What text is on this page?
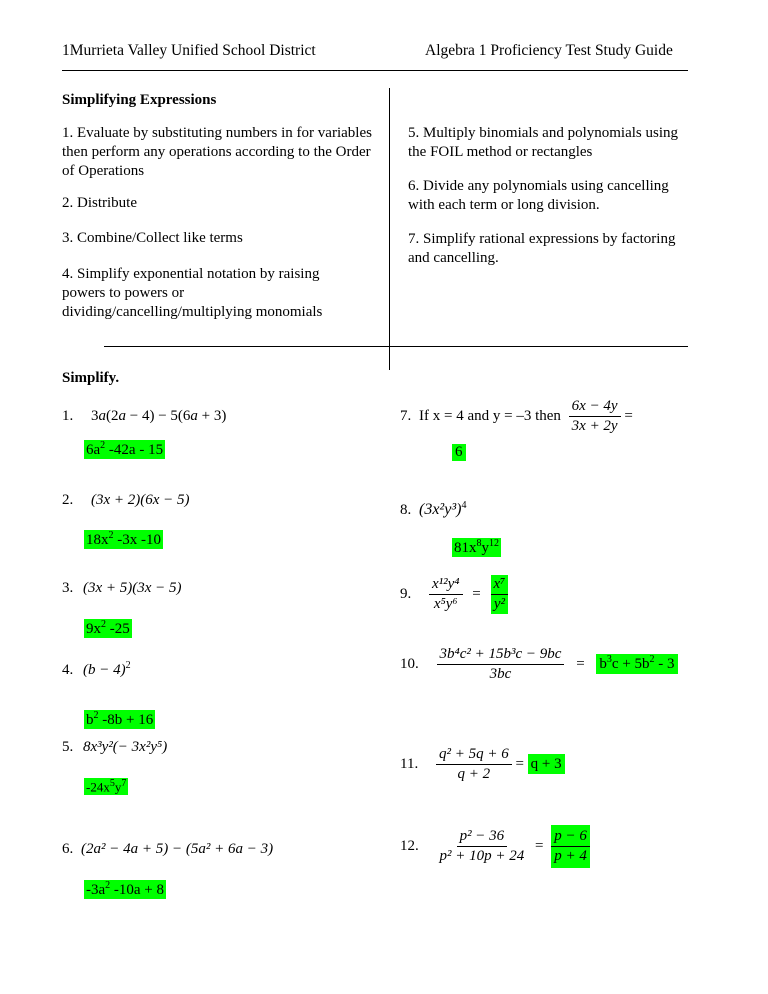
1Murrieta Valley Unified School District	Algebra 1 Proficiency Test Study Guide
Simplifying Expressions
1. Evaluate by substituting numbers in for variables then perform any operations according to the Order of Operations
2. Distribute
3. Combine/Collect like terms
4. Simplify exponential notation by raising powers to powers or dividing/cancelling/multiplying monomials
5. Multiply binomials and polynomials using the FOIL method or rectangles
6. Divide any polynomials using cancelling with each term or long division.
7. Simplify rational expressions by factoring and cancelling.
Simplify.
1. 3a(2a − 4) − 5(6a + 3)
$6a^2$ -42a - 15
2. (3x + 2)(6x − 5)
$18x^2$ -3x -10
3. (3x + 5)(3x − 5)
$9x^2$ -25
4. $(b - 4)^2$
$b^2$ -8b + 16
5. 8x³y²(− 3x²y⁵)
$-24x^5y^7$
6. (2a² − 4a + 5) − (5a² + 6a − 3)
$-3a^2$ -10a + 8
7. If x = 4 and y = –3 then $\frac{6x - 4y}{3x + 2y}$ =
6
8. $(3x^2y^3)^4$
$81x^8y^{12}$
9. $\frac{\text{x¹²y⁴}}{\text{x⁵y⁶}} = \frac{\text{x⁷}}{\text{y²}}$
10. $\frac{\text{3b⁴c² + 15b³c − 9bc}}{3bc} = b^3c + 5b^2 - 3$
11. $\frac{\text{q² + 5q + 6}}{q + 2} = q + 3$
12. $\frac{\text{p² − 36}}{\text{p² + 10p + 24}} = \frac{p - 6}{p + 4}$
